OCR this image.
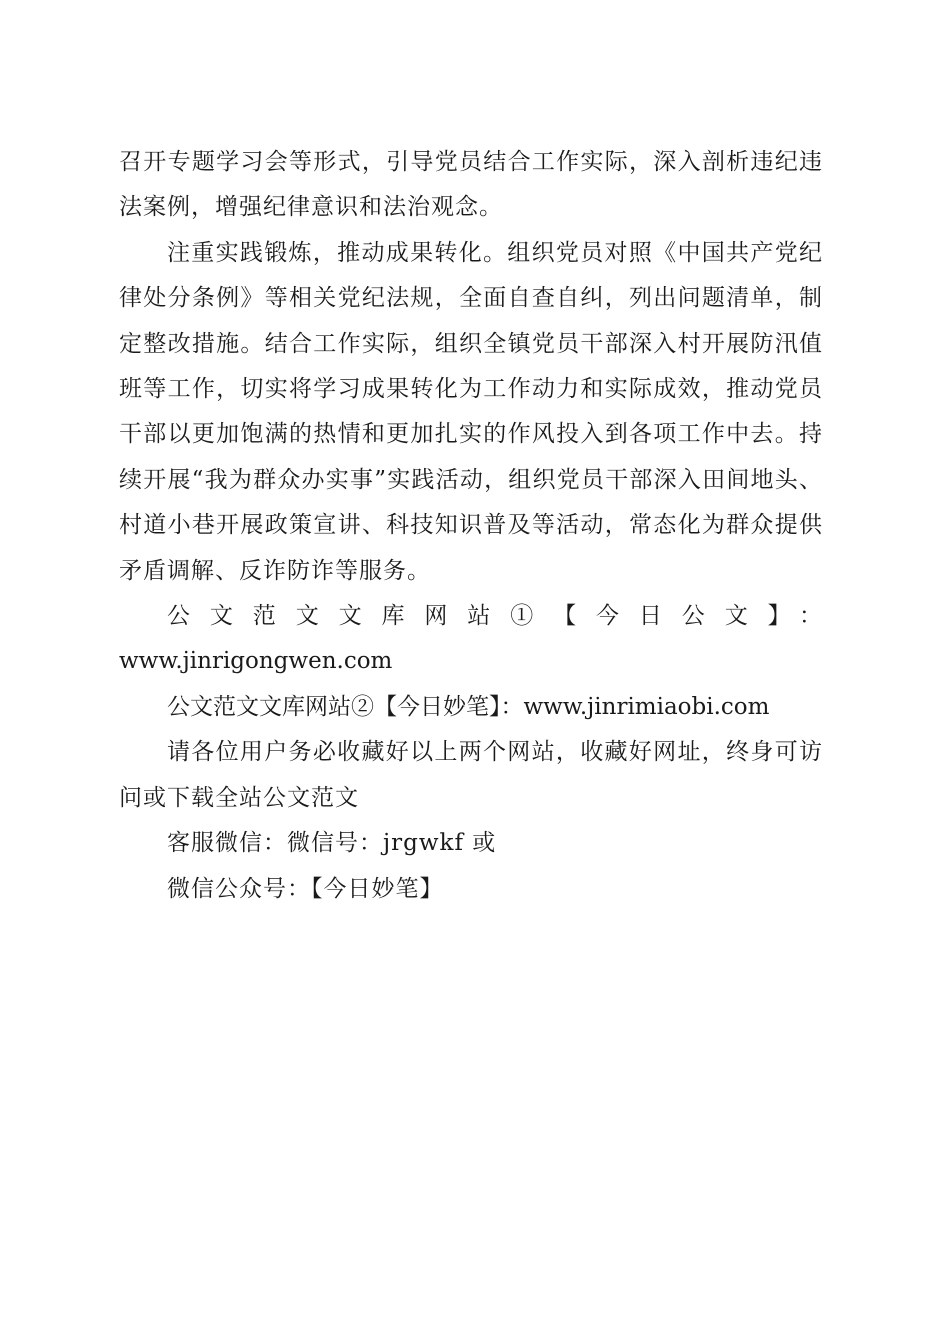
召开专题学习会等形式，引导党员结合工作实际，深入剖析违纪违法案例，增强纪律意识和法治观念。

注重实践锻炼，推动成果转化。组织党员对照《中国共产党纪律处分条例》等相关党纪法规，全面自查自纠，列出问题清单，制定整改措施。结合工作实际，组织全镇党员干部深入村开展防汛值班等工作，切实将学习成果转化为工作动力和实际成效，推动党员干部以更加饱满的热情和更加扎实的作风投入到各项工作中去。持续开展“我为群众办实事”实践活动，组织党员干部深入田间地头、村道小巷开展政策宣讲、科技知识普及等活动，常态化为群众提供矛盾调解、反诈防诈等服务。

公文范文文库网站①【今日公文】：

www.jinrigongwen.com

公文范文文库网站②【今日妙笔】：www.jinrimiaobi.com

请各位用户务必收藏好以上两个网站，收藏好网址，终身可访问或下载全站公文范文

客服微信：微信号：jrgwkf 或

微信公众号：【今日妙笔】
